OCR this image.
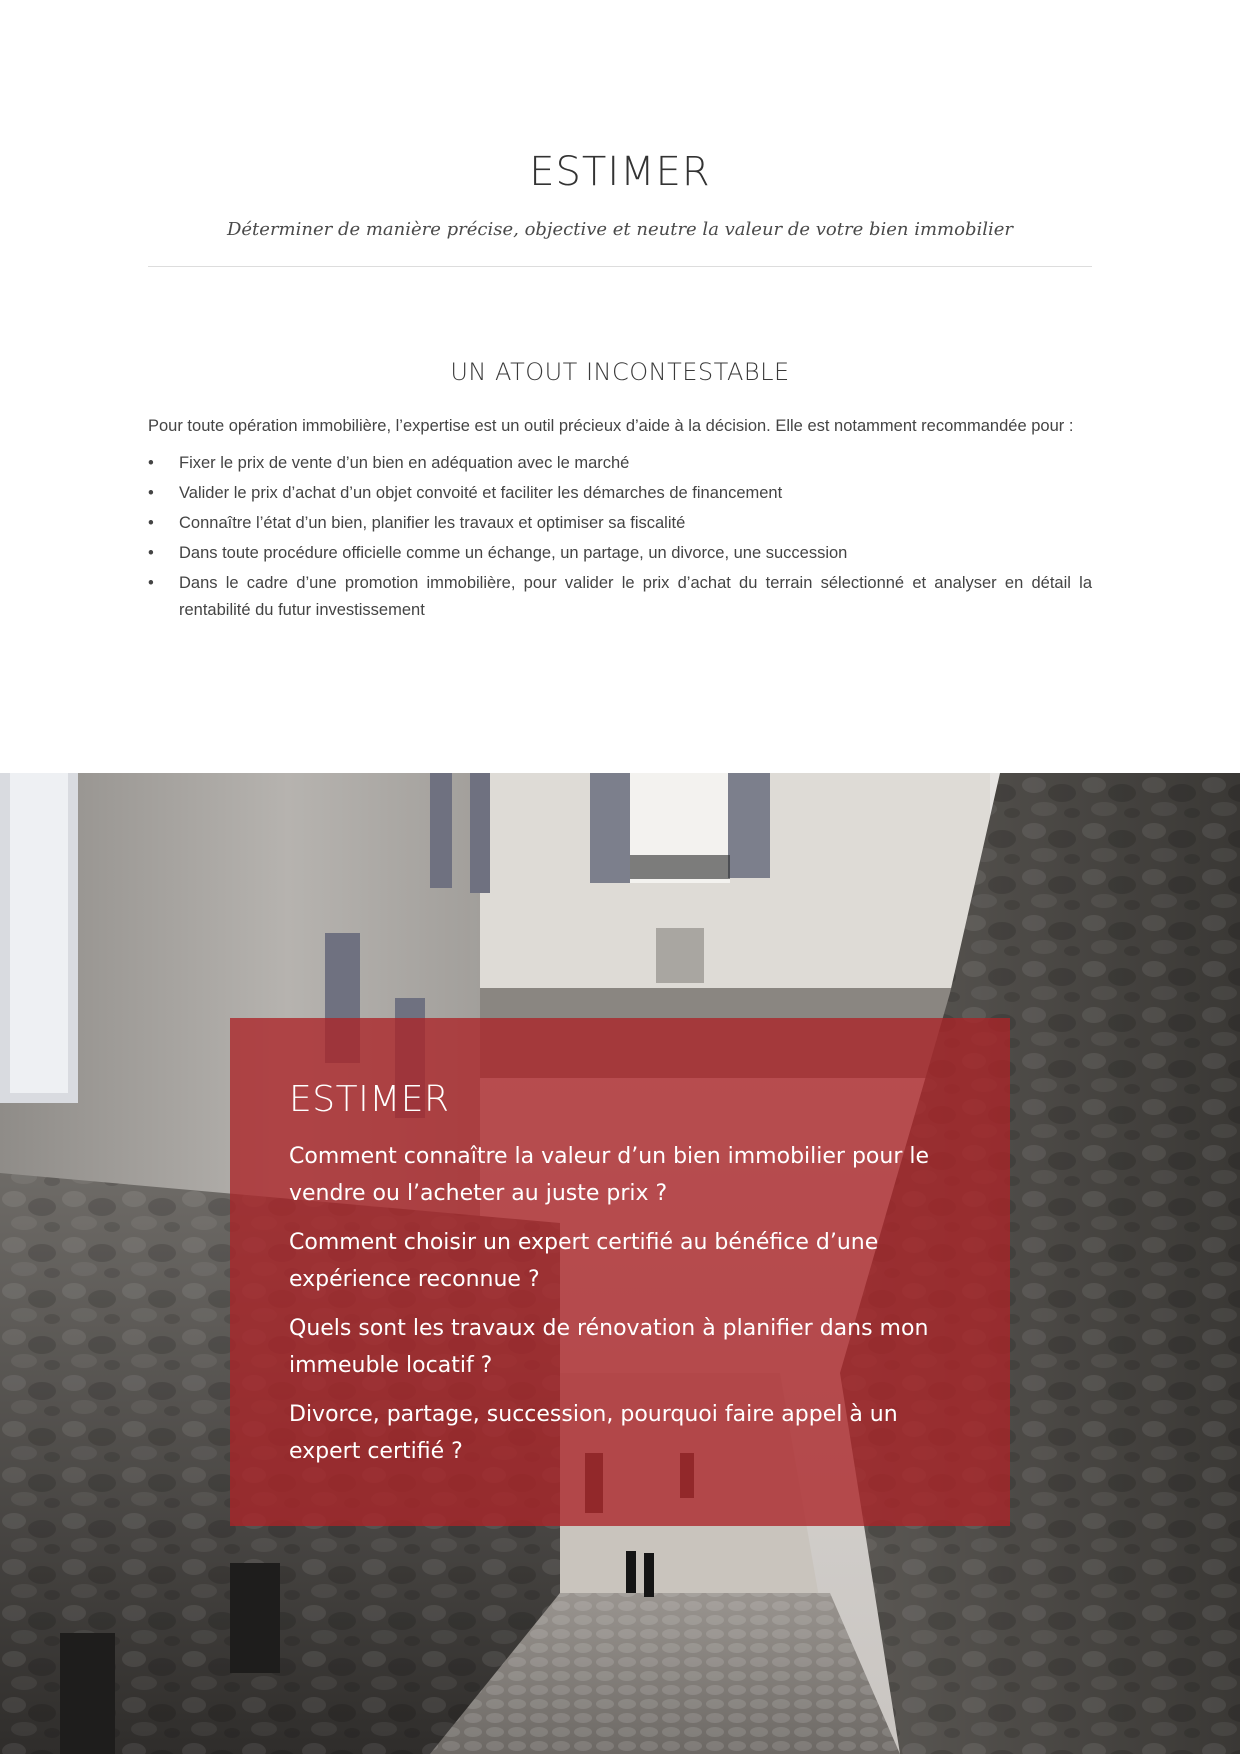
ESTIMER

Déterminer de manière précise, objective et neutre la valeur de votre bien immobilier

UN ATOUT INCONTESTABLE

Pour toute opération immobilière, l’expertise est un outil précieux d’aide à la décision. Elle est notamment recommandée pour :

• Fixer le prix de vente d’un bien en adéquation avec le marché
• Valider le prix d’achat d’un objet convoité et faciliter les démarches de financement
• Connaître l’état d’un bien, planifier les travaux et optimiser sa fiscalité
• Dans toute procédure officielle comme un échange, un partage, un divorce, une succession
• Dans le cadre d’une promotion immobilière, pour valider le prix d’achat du terrain sélectionné et analyser en détail la rentabilité du futur investissement
ESTIMER

Comment connaître la valeur d’un bien immobilier pour le vendre ou l’acheter au juste prix ?

Comment choisir un expert certifié au bénéfice d’une expérience reconnue ?

Quels sont les travaux de rénovation à planifier dans mon immeuble locatif ?

Divorce, partage, succession, pourquoi faire appel à un expert certifié ?
